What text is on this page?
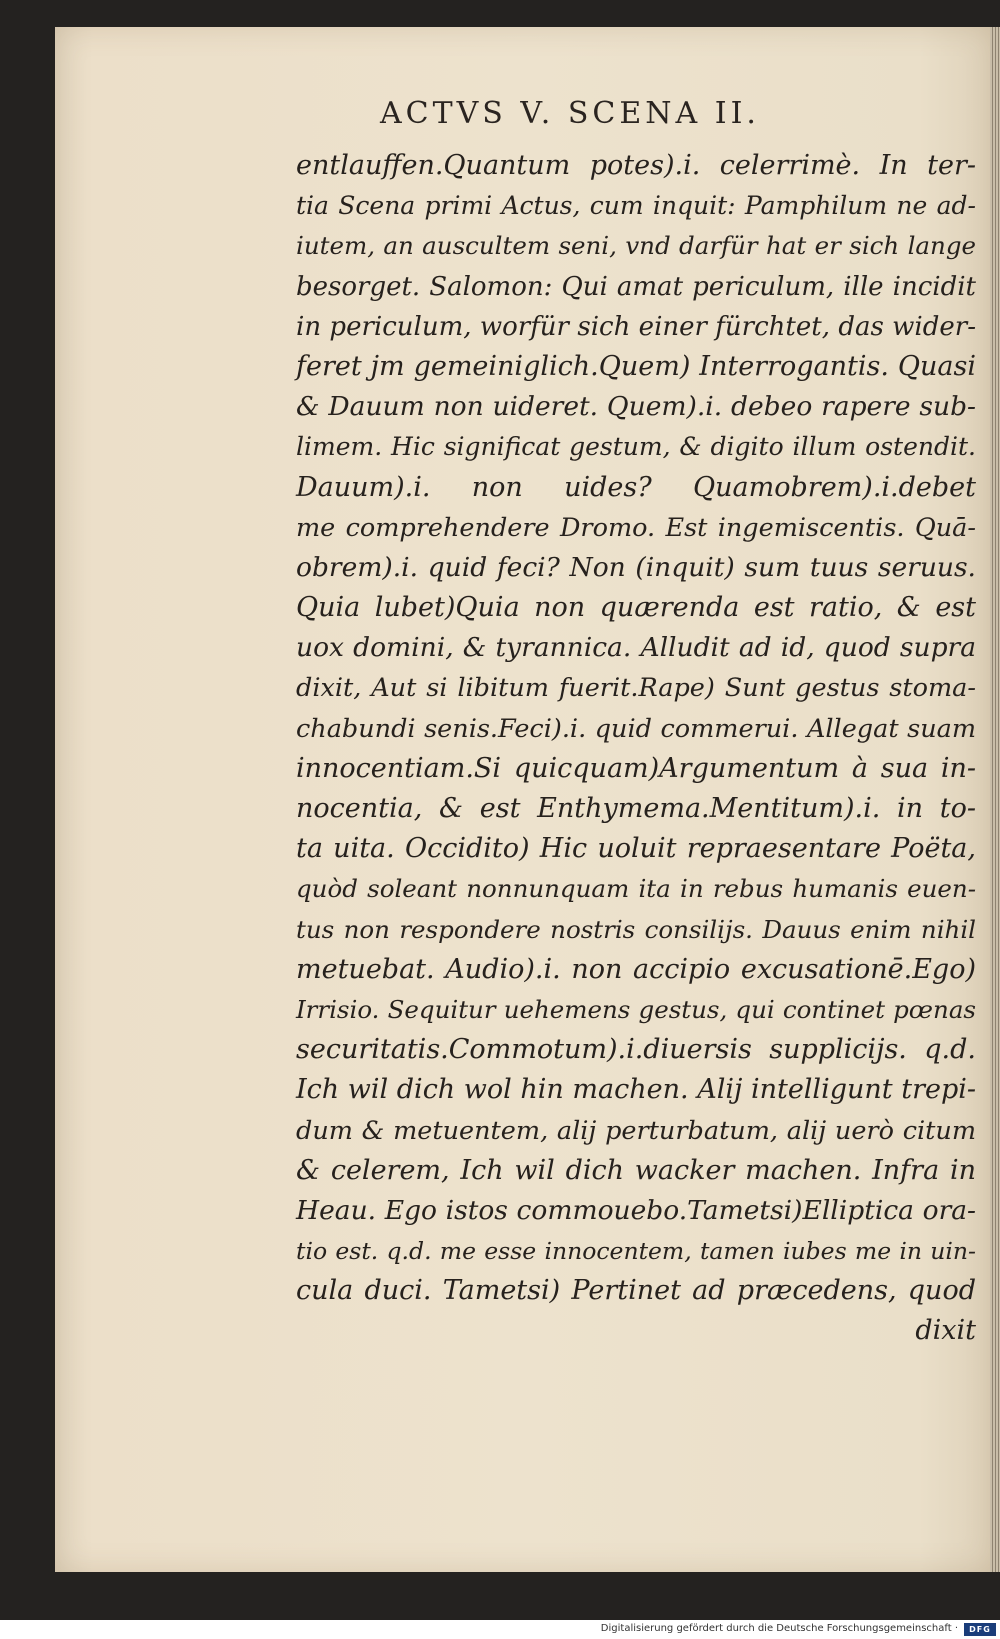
ACTVS V. SCENA II.
entlauffen.Quantum potes).i. celerrimè. In ter-
tia Scena primi Actus, cum inquit: Pamphilum ne ad-
iutem, an auscultem seni, vnd darfür hat er sich lange
besorget. Salomon: Qui amat periculum, ille incidit
in periculum, worfür sich einer fürchtet, das wider-
feret jm gemeiniglich.Quem) Interrogantis. Quasi
& Dauum non uideret. Quem).i. debeo rapere sub-
limem. Hic significat gestum, & digito illum ostendit.
Dauum).i. non uides? Quamobrem).i.debet
me comprehendere Dromo. Est ingemiscentis. Quā-
obrem).i. quid feci? Non (inquit) sum tuus seruus.
Quia lubet)Quia non quærenda est ratio, & est
uox domini, & tyrannica. Alludit ad id, quod supra
dixit, Aut si libitum fuerit.Rape) Sunt gestus stoma-
chabundi senis.Feci).i. quid commerui. Allegat suam
innocentiam.Si quicquam)Argumentum à sua in-
nocentia, & est Enthymema.Mentitum).i. in to-
ta uita. Occidito) Hic uoluit repraesentare Poëta,
quòd soleant nonnunquam ita in rebus humanis euen-
tus non respondere nostris consilijs. Dauus enim nihil
metuebat. Audio).i. non accipio excusationē.Ego)
Irrisio. Sequitur uehemens gestus, qui continet pœnas
securitatis.Commotum).i.diuersis supplicijs. q.d.
Ich wil dich wol hin machen. Alij intelligunt trepi-
dum & metuentem, alij perturbatum, alij uerò citum
& celerem, Ich wil dich wacker machen. Infra in
Heau. Ego istos commouebo.Tametsi)Elliptica ora-
tio est. q.d. me esse innocentem, tamen iubes me in uin-
cula duci. Tametsi) Pertinet ad præcedens, quod
dixit
Digitalisierung gefördert durch die Deutsche Forschungsgemeinschaft ·	DFG
